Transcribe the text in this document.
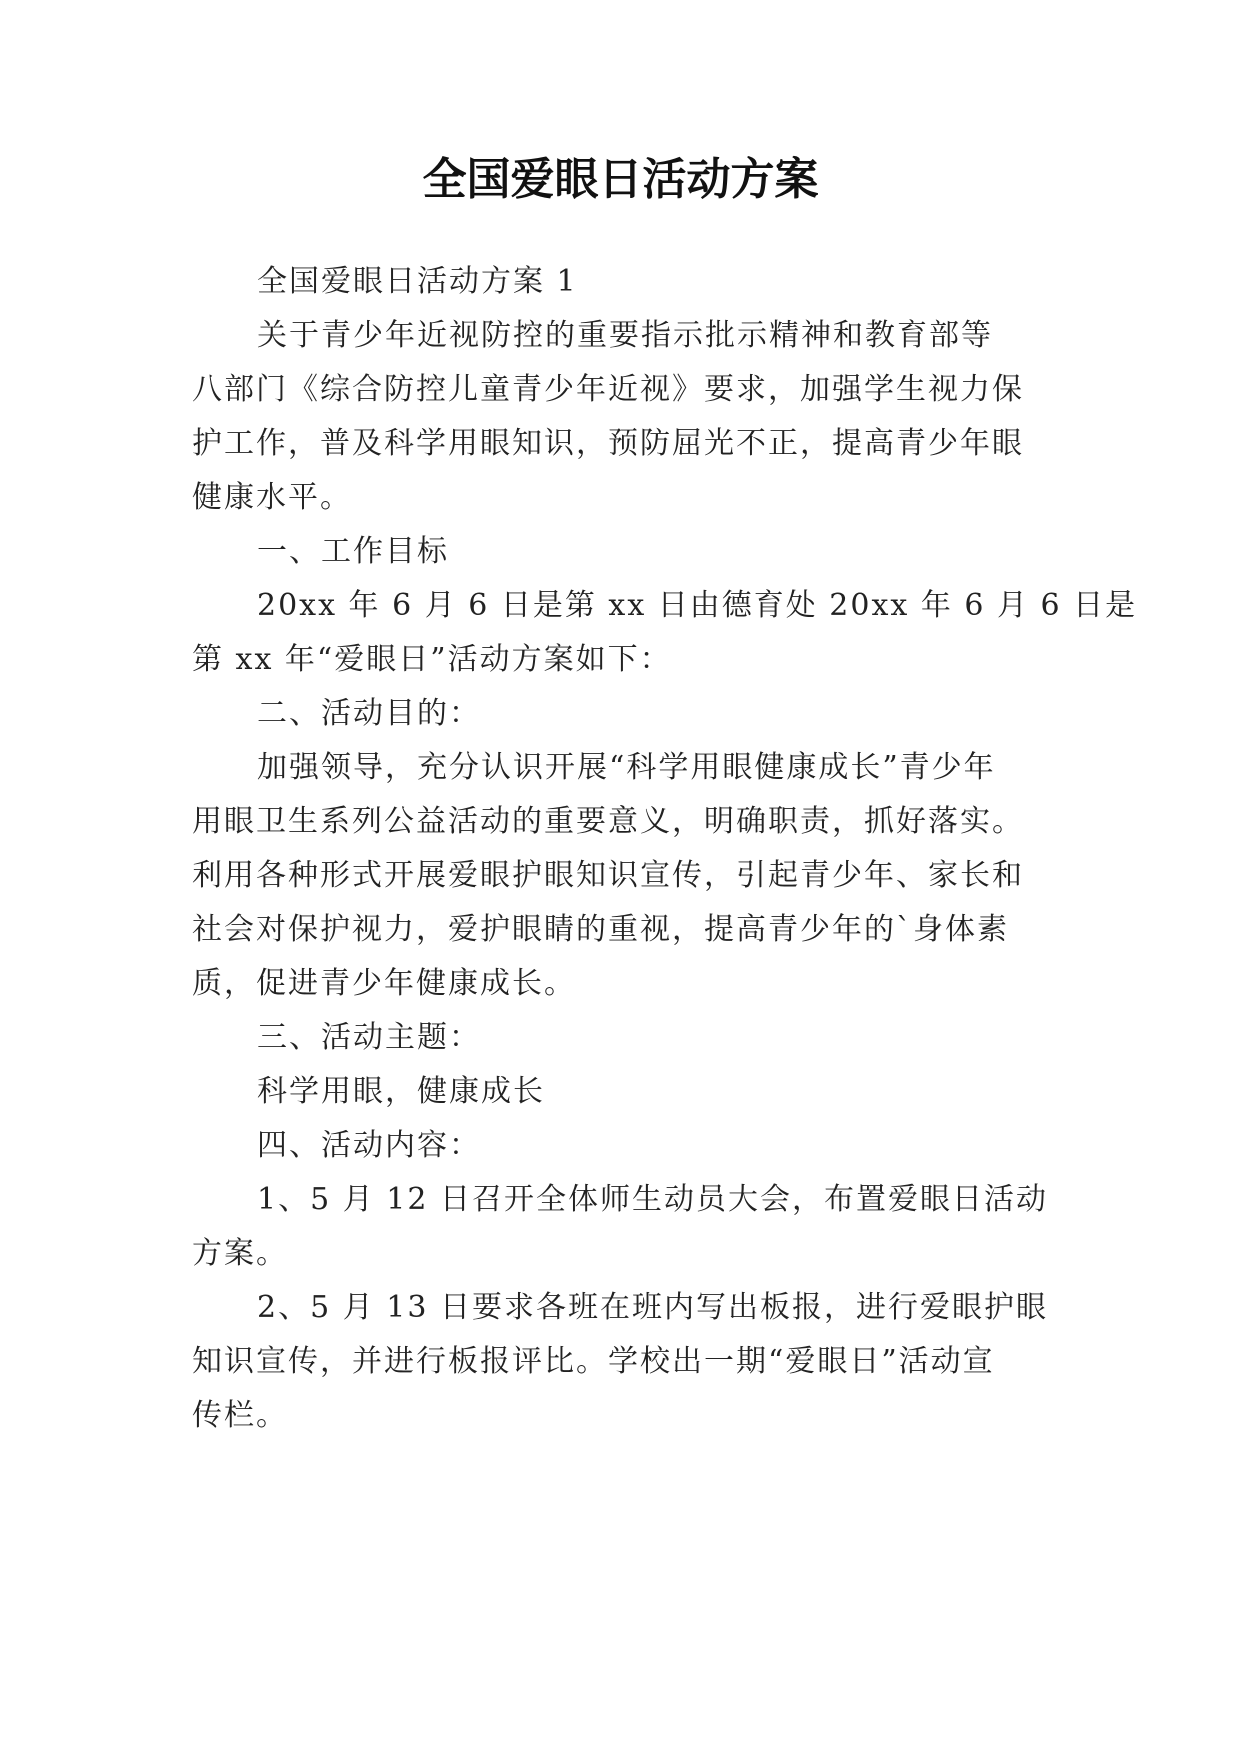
全国爱眼日活动方案
全国爱眼日活动方案 1
关于青少年近视防控的重要指示批示精神和教育部等
八部门《综合防控儿童青少年近视》要求，加强学生视力保
护工作，普及科学用眼知识，预防屈光不正，提高青少年眼
健康水平。
一、工作目标
20xx 年 6 月 6 日是第 xx 日由德育处 20xx 年 6 月 6 日是
第 xx 年“爱眼日”活动方案如下：
二、活动目的：
加强领导，充分认识开展“科学用眼健康成长”青少年
用眼卫生系列公益活动的重要意义，明确职责，抓好落实。
利用各种形式开展爱眼护眼知识宣传，引起青少年、家长和
社会对保护视力，爱护眼睛的重视，提高青少年的`身体素
质，促进青少年健康成长。
三、活动主题：
科学用眼，健康成长
四、活动内容：
1、5 月 12 日召开全体师生动员大会，布置爱眼日活动
方案。
2、5 月 13 日要求各班在班内写出板报，进行爱眼护眼
知识宣传，并进行板报评比。学校出一期“爱眼日”活动宣
传栏。
